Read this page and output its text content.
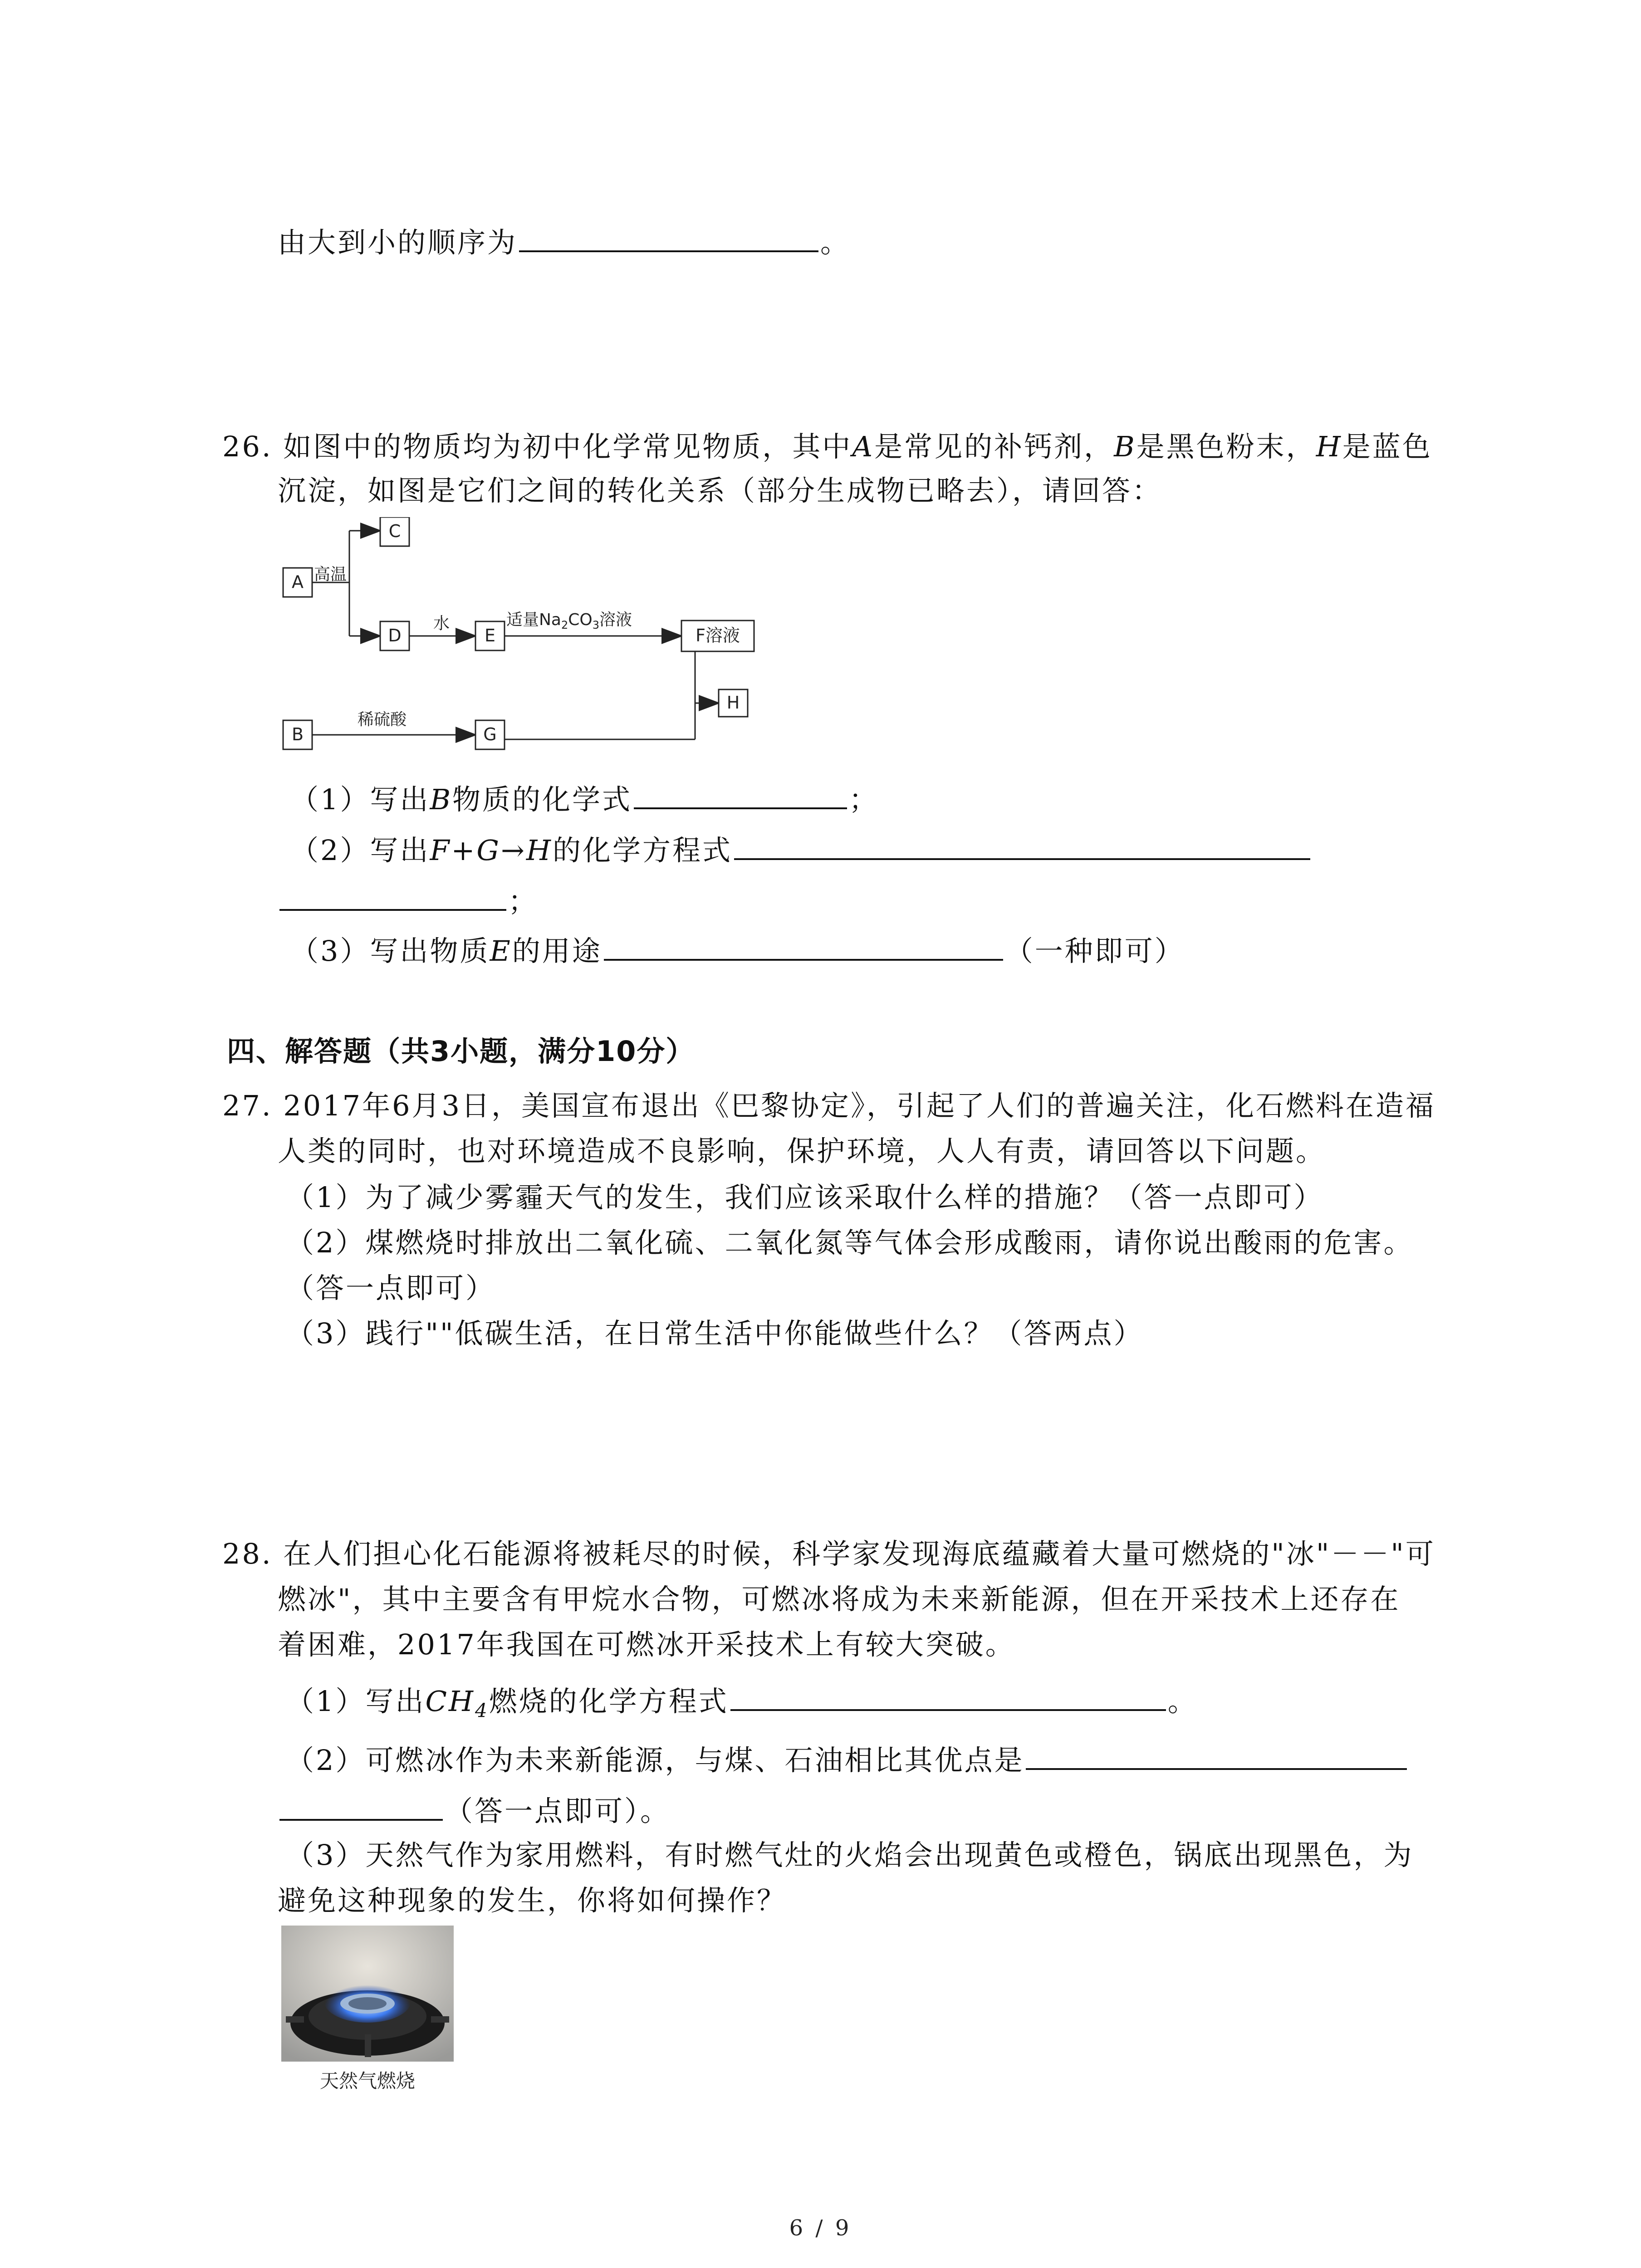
由大到小的顺序为	。
26. 如图中的物质均为初中化学常见物质，其中A是常见的补钙剂，B是黑色粉末，H是蓝色
沉淀，如图是它们之间的转化关系（部分生成物已略去），请回答：
A 高温
C
D
水
E
适量$Na_2CO_3$溶液
F溶液
H
B
稀硫酸
G
（1）写出B物质的化学式	；
（2）写出F+G→H的化学方程式
；
（3）写出物质E的用途	（一种即可）
四、解答题（共3小题，满分10分）
27. 2017年6月3日，美国宣布退出《巴黎协定》，引起了人们的普遍关注，化石燃料在造福
人类的同时，也对环境造成不良影响，保护环境，人人有责，请回答以下问题。
（1）为了减少雾霾天气的发生，我们应该采取什么样的措施？（答一点即可）
（2）煤燃烧时排放出二氧化硫、二氧化氮等气体会形成酸雨，请你说出酸雨的危害。
（答一点即可）
（3）践行""低碳生活，在日常生活中你能做些什么？（答两点）
28. 在人们担心化石能源将被耗尽的时候，科学家发现海底蕴藏着大量可燃烧的"冰"－－"可
燃冰"，其中主要含有甲烷水合物，可燃冰将成为未来新能源，但在开采技术上还存在
着困难，2017年我国在可燃冰开采技术上有较大突破。
（1）写出$CH_4$燃烧的化学方程式	。
（2）可燃冰作为未来新能源，与煤、石油相比其优点是
（答一点即可）。
（3）天然气作为家用燃料，有时燃气灶的火焰会出现黄色或橙色，锅底出现黑色，为
避免这种现象的发生，你将如何操作？
天然气燃烧
6 / 9
